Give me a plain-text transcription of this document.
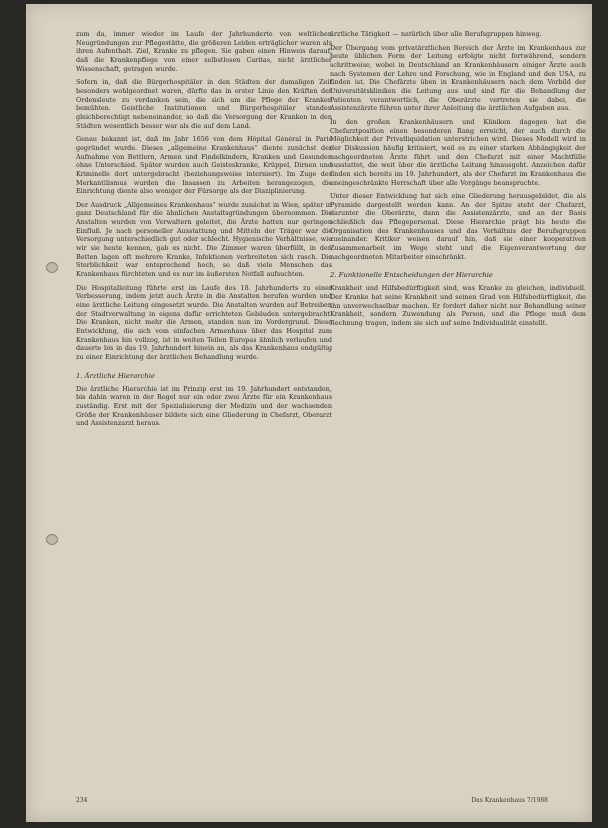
zum da, immer wieder im Laufe der Jahrhunderte von weltlichen Neugründungen zur Pflegestätte, die größeren Leiden erträglicher waren als ihren Aufenthalt. Ziel, Kranke zu pflegen. Sie gaben einen Hinweis darauf, daß die Krankenpflege von einer selbstlosen Caritas, nicht ärztlicher Wissenschaft, getragen wurde.

Sofern in, daß die Bürgerhospitäler in den Städten der damaligen Zeit besonders wohlgeordnet waren, dürfte das in erster Linie den Kräften der Ordensleute zu verdanken sein, die sich um die Pflege der Kranken bemühten. Geistliche Institutionen und Bürgerhospitäler standen gleichberechtigt nebeneinander, so daß die Versorgung der Kranken in den Städten wesentlich besser war als die auf dem Land.

Genau bekannt ist, daß im Jahr 1656 von dem Hôpital Général in Paris gegründet wurde. Dieses „allgemeine Krankenhaus“ diente zunächst der Aufnahme von Bettlern, Armen und Findelkindern, Kranken und Gesunden ohne Unterschied. Später wurden auch Geisteskranke, Krüppel, Dirnen und Kriminelle dort untergebracht (beziehungsweise interniert). Im Zuge des Merkantilismus wurden die Insassen zu Arbeiten herangezogen, die Einrichtung diente also weniger der Fürsorge als der Disziplinierung.

Der Ausdruck „Allgemeines Krankenhaus“ wurde zunächst in Wien, später in ganz Deutschland für die ähnlichen Anstaltsgründungen übernommen. Die Anstalten wurden von Verwaltern geleitet, die Ärzte hatten nur geringen Einfluß. Je nach personeller Ausstattung und Mitteln der Träger war die Versorgung unterschiedlich gut oder schlecht. Hygienische Verhältnisse, wie wir sie heute kennen, gab es nicht. Die Zimmer waren überfüllt, in den Betten lagen oft mehrere Kranke, Infektionen verbreiteten sich rasch. Die Sterblichkeit war entsprechend hoch, so daß viele Menschen das Krankenhaus fürchteten und es nur im äußersten Notfall aufsuchten.

Die Hospitalleitung führte erst im Laufe des 18. Jahrhunderts zu einer Verbesserung, indem jetzt auch Ärzte in die Anstalten berufen wurden und eine ärztliche Leitung eingesetzt wurde. Die Anstalten wurden auf Betreiben der Stadtverwaltung in eigens dafür errichteten Gebäuden untergebracht. Die Kranken, nicht mehr die Armen, standen nun im Vordergrund. Diese Entwicklung, die sich vom einfachen Armenhaus über das Hospital zum Krankenhaus hin vollzog, ist in weiten Teilen Europas ähnlich verlaufen und dauerte bis in das 19. Jahrhundert hinein an, als das Krankenhaus endgültig zu einer Einrichtung der ärztlichen Behandlung wurde.

1. Ärztliche Hierarchie

Die ärztliche Hierarchie ist im Prinzip erst im 19. Jahrhundert entstanden, bis dahin waren in der Regel nur ein oder zwei Ärzte für ein Krankenhaus zuständig. Erst mit der Spezialisierung der Medizin und der wachsenden Größe der Krankenhäuser bildete sich eine Gliederung in Chefarzt, Oberarzt und Assistenzarzt heraus.

ärztliche Tätigkeit — natürlich über alle Berufsgruppen hinweg.

Der Übergang vom privatärztlichen Bereich der Ärzte im Krankenhaus zur heute üblichen Form der Leitung erfolgte nicht fortwährend, sondern schrittweise, wobei in Deutschland an Krankenhäusern einiger Ärzte auch nach Systemen der Lehre und Forschung, wie in England und den USA, zu finden ist. Die Chefärzte üben in Krankenhäusern nach dem Vorbild der Universitätskliniken die Leitung aus und sind für die Behandlung der Patienten verantwortlich, die Oberärzte vertreten sie dabei, die Assistenzärzte führen unter ihrer Anleitung die ärztlichen Aufgaben aus.

In den großen Krankenhäusern und Kliniken dagegen hat die Chefarztposition einen besonderen Rang erreicht, der auch durch die Möglichkeit der Privatliquidation unterstrichen wird. Dieses Modell wird in der Diskussion häufig kritisiert, weil es zu einer starken Abhängigkeit der nachgeordneten Ärzte führt und den Chefarzt mit einer Machtfülle ausstattet, die weit über die ärztliche Leitung hinausgeht. Anzeichen dafür finden sich bereits im 19. Jahrhundert, als der Chefarzt im Krankenhaus die uneingeschränkte Herrschaft über alle Vorgänge beanspruchte.

Unter dieser Entwicklung hat sich eine Gliederung herausgebildet, die als Pyramide dargestellt werden kann. An der Spitze steht der Chefarzt, darunter die Oberärzte, dann die Assistenzärzte, und an der Basis schließlich das Pflegepersonal. Diese Hierarchie prägt bis heute die Organisation des Krankenhauses und das Verhältnis der Berufsgruppen zueinander. Kritiker weisen darauf hin, daß sie einer kooperativen Zusammenarbeit im Wege steht und die Eigenverantwortung der nachgeordneten Mitarbeiter einschränkt.

2. Funktionelle Entscheidungen der Hierarchie

Krankheit und Hilfsbedürftigkeit sind, was Kranke zu gleichen, individuell. Der Kranke hat seine Krankheit und seinen Grad von Hilfsbedürftigkeit, die ihn unverwechselbar machen. Er fordert daher nicht nur Behandlung seiner Krankheit, sondern Zuwendung als Person, und die Pflege muß dem Rechnung tragen, indem sie sich auf seine Individualität einstellt.

234	Das Krankenhaus 7/1988
